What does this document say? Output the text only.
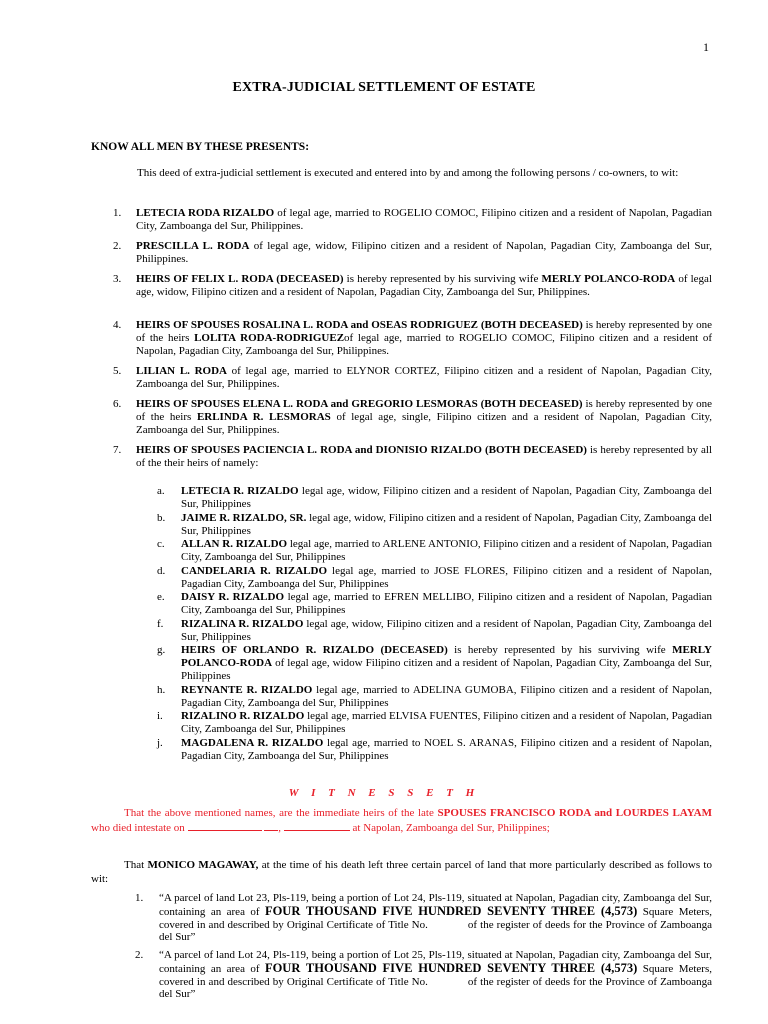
1
EXTRA-JUDICIAL SETTLEMENT OF ESTATE
KNOW ALL MEN BY THESE PRESENTS:
This deed of extra-judicial settlement is executed and entered into by and among the following persons / co-owners, to wit:
1. LETECIA RODA RIZALDO of legal age, married to ROGELIO COMOC, Filipino citizen and a resident of Napolan, Pagadian City, Zamboanga del Sur, Philippines.
2. PRESCILLA L. RODA of legal age, widow, Filipino citizen and a resident of Napolan, Pagadian City, Zamboanga del Sur, Philippines.
3. HEIRS OF FELIX L. RODA (DECEASED) is hereby represented by his surviving wife MERLY POLANCO-RODA of legal age, widow, Filipino citizen and a resident of Napolan, Pagadian City, Zamboanga del Sur, Philippines.
4. HEIRS OF SPOUSES ROSALINA L. RODA and OSEAS RODRIGUEZ (BOTH DECEASED) is hereby represented by one of the heirs LOLITA RODA-RODRIGUEZof legal age, married to ROGELIO COMOC, Filipino citizen and a resident of Napolan, Pagadian City, Zamboanga del Sur, Philippines.
5. LILIAN L. RODA of legal age, married to ELYNOR CORTEZ, Filipino citizen and a resident of Napolan, Pagadian City, Zamboanga del Sur, Philippines.
6. HEIRS OF SPOUSES ELENA L. RODA and GREGORIO LESMORAS (BOTH DECEASED) is hereby represented by one of the heirs ERLINDA R. LESMORAS of legal age, single, Filipino citizen and a resident of Napolan, Pagadian City, Zamboanga del Sur, Philippines.
7. HEIRS OF SPOUSES PACIENCIA L. RODA and DIONISIO RIZALDO (BOTH DECEASED) is hereby represented by all of the their heirs of namely:
a. LETECIA R. RIZALDO legal age, widow, Filipino citizen and a resident of Napolan, Pagadian City, Zamboanga del Sur, Philippines
b. JAIME R. RIZALDO, SR. legal age, widow, Filipino citizen and a resident of Napolan, Pagadian City, Zamboanga del Sur, Philippines
c. ALLAN R. RIZALDO legal age, married to ARLENE ANTONIO, Filipino citizen and a resident of Napolan, Pagadian City, Zamboanga del Sur, Philippines
d. CANDELARIA R. RIZALDO legal age, married to JOSE FLORES, Filipino citizen and a resident of Napolan, Pagadian City, Zamboanga del Sur, Philippines
e. DAISY R. RIZALDO legal age, married to EFREN MELLIBO, Filipino citizen and a resident of Napolan, Pagadian City, Zamboanga del Sur, Philippines
f. RIZALINA R. RIZALDO legal age, widow, Filipino citizen and a resident of Napolan, Pagadian City, Zamboanga del Sur, Philippines
g. HEIRS OF ORLANDO R. RIZALDO (DECEASED) is hereby represented by his surviving wife MERLY POLANCO-RODA of legal age, widow Filipino citizen and a resident of Napolan, Pagadian City, Zamboanga del Sur, Philippines
h. REYNANTE R. RIZALDO legal age, married to ADELINA GUMOBA, Filipino citizen and a resident of Napolan, Pagadian City, Zamboanga del Sur, Philippines
i. RIZALINO R. RIZALDO legal age, married ELVISA FUENTES, Filipino citizen and a resident of Napolan, Pagadian City, Zamboanga del Sur, Philippines
j. MAGDALENA R. RIZALDO legal age, married to NOEL S. ARANAS, Filipino citizen and a resident of Napolan, Pagadian City, Zamboanga del Sur, Philippines
W I T N E S S E T H
That the above mentioned names, are the immediate heirs of the late SPOUSES FRANCISCO RODA and LOURDES LAYAM who died intestate on	,	at Napolan, Zamboanga del Sur, Philippines;
That MONICO MAGAWAY, at the time of his death left three certain parcel of land that more particularly described as follows to wit:
1. “A parcel of land Lot 23, Pls-119, being a portion of Lot 24, Pls-119, situated at Napolan, Pagadian city, Zamboanga del Sur, containing an area of FOUR THOUSAND FIVE HUNDRED SEVENTY THREE (4,573) Square Meters, covered in and described by Original Certificate of Title No.	of the register of deeds for the Province of Zamboanga del Sur”
2. “A parcel of land Lot 24, Pls-119, being a portion of Lot 25, Pls-119, situated at Napolan, Pagadian city, Zamboanga del Sur, containing an area of FOUR THOUSAND FIVE HUNDRED SEVENTY THREE (4,573) Square Meters, covered in and described by Original Certificate of Title No.	of the register of deeds for the Province of Zamboanga del Sur”
